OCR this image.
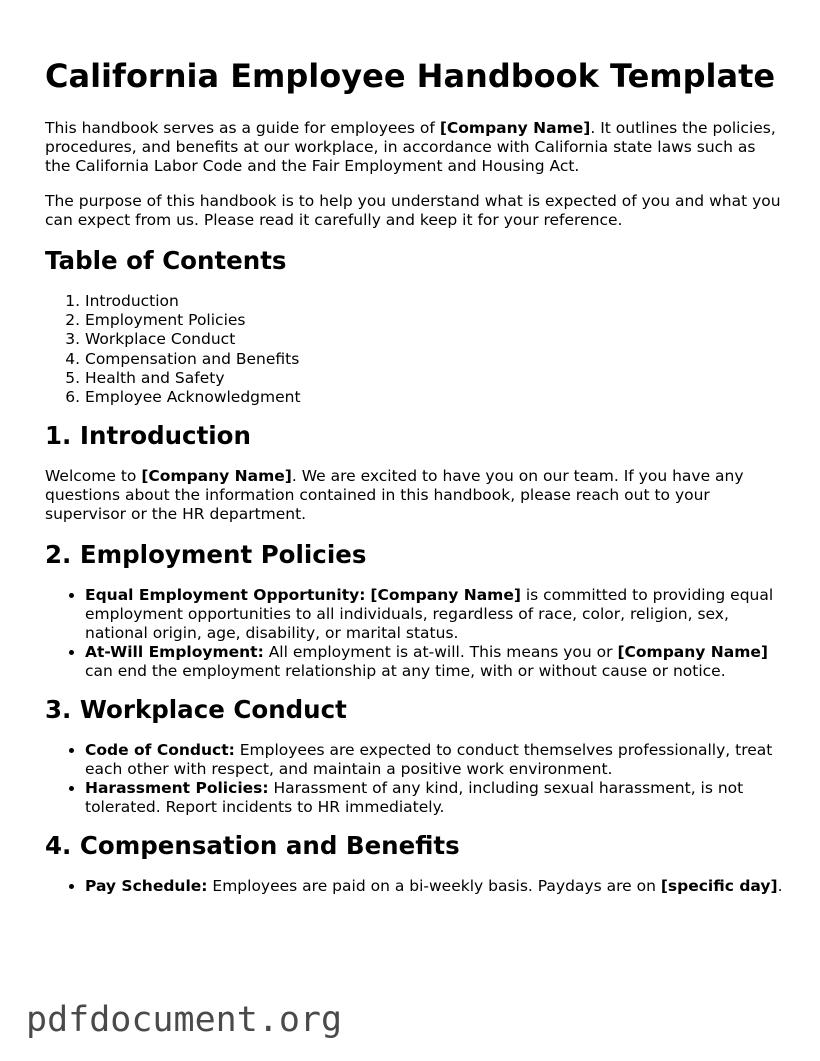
California Employee Handbook Template

This handbook serves as a guide for employees of [Company Name]. It outlines the policies, procedures, and benefits at our workplace, in accordance with California state laws such as the California Labor Code and the Fair Employment and Housing Act.

The purpose of this handbook is to help you understand what is expected of you and what you can expect from us. Please read it carefully and keep it for your reference.

Table of Contents
1. Introduction
2. Employment Policies
3. Workplace Conduct
4. Compensation and Benefits
5. Health and Safety
6. Employee Acknowledgment
1. Introduction

Welcome to [Company Name]. We are excited to have you on our team. If you have any questions about the information contained in this handbook, please reach out to your supervisor or the HR department.

2. Employment Policies
• Equal Employment Opportunity: [Company Name] is committed to providing equal employment opportunities to all individuals, regardless of race, color, religion, sex, national origin, age, disability, or marital status.
• At-Will Employment: All employment is at-will. This means you or [Company Name] can end the employment relationship at any time, with or without cause or notice.
3. Workplace Conduct
• Code of Conduct: Employees are expected to conduct themselves professionally, treat each other with respect, and maintain a positive work environment.
• Harassment Policies: Harassment of any kind, including sexual harassment, is not tolerated. Report incidents to HR immediately.
4. Compensation and Benefits
• Pay Schedule: Employees are paid on a bi-weekly basis. Paydays are on [specific day].
pdfdocument.org
